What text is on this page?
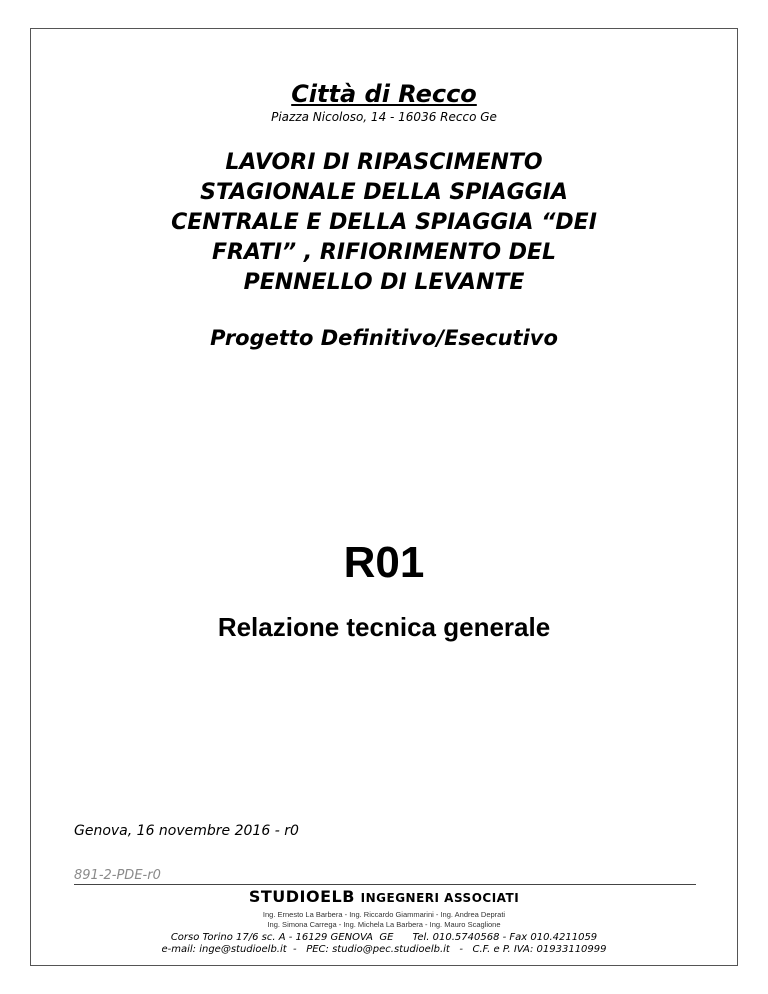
Città di Recco
Piazza Nicoloso, 14 - 16036 Recco Ge
LAVORI DI RIPASCIMENTO
STAGIONALE DELLA SPIAGGIA
CENTRALE E DELLA SPIAGGIA “DEI
FRATI” , RIFIORIMENTO DEL
PENNELLO DI LEVANTE
Progetto Definitivo/Esecutivo
R01
Relazione tecnica generale
Genova, 16 novembre 2016 - r0
891-2-PDE-r0
STUDIOELB INGEGNERI ASSOCIATI
Ing. Ernesto La Barbera - Ing. Riccardo Giammarini - Ing. Andrea Deprati
Ing. Simona Carrega - Ing. Michela La Barbera - Ing. Mauro Scaglione
Corso Torino 17/6 sc. A - 16129 GENOVA  GE      Tel. 010.5740568 - Fax 010.4211059
e-mail: inge@studioelb.it  -   PEC: studio@pec.studioelb.it   -   C.F. e P. IVA: 01933110999
